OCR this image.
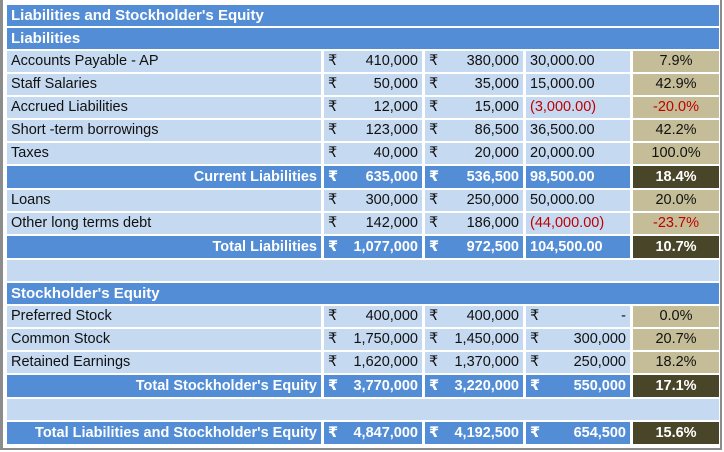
Liabilities and Stockholder's Equity				
Liabilities				
Accounts Payable - AP	₹ 410,000	₹ 380,000	30,000.00	7.9%
Staff Salaries	₹ 50,000	₹ 35,000	15,000.00	42.9%
Accrued Liabilities	₹ 12,000	₹ 15,000	(3,000.00)	-20.0%
Short -term borrowings	₹ 123,000	₹ 86,500	36,500.00	42.2%
Taxes	₹ 40,000	₹ 20,000	20,000.00	100.0%
Current Liabilities	₹ 635,000	₹ 536,500	98,500.00	18.4%
Loans	₹ 300,000	₹ 250,000	50,000.00	20.0%
Other long terms debt	₹ 142,000	₹ 186,000	(44,000.00)	-23.7%
Total Liabilities	₹ 1,077,000	₹ 972,500	104,500.00	10.7%

Stockholder's Equity				
Preferred Stock	₹ 400,000	₹ 400,000	₹ -	0.0%
Common Stock	₹ 1,750,000	₹ 1,450,000	₹ 300,000	20.7%
Retained Earnings	₹ 1,620,000	₹ 1,370,000	₹ 250,000	18.2%
Total Stockholder's Equity	₹ 3,770,000	₹ 3,220,000	₹ 550,000	17.1%

Total Liabilities and Stockholder's Equity	₹ 4,847,000	₹ 4,192,500	₹ 654,500	15.6%
